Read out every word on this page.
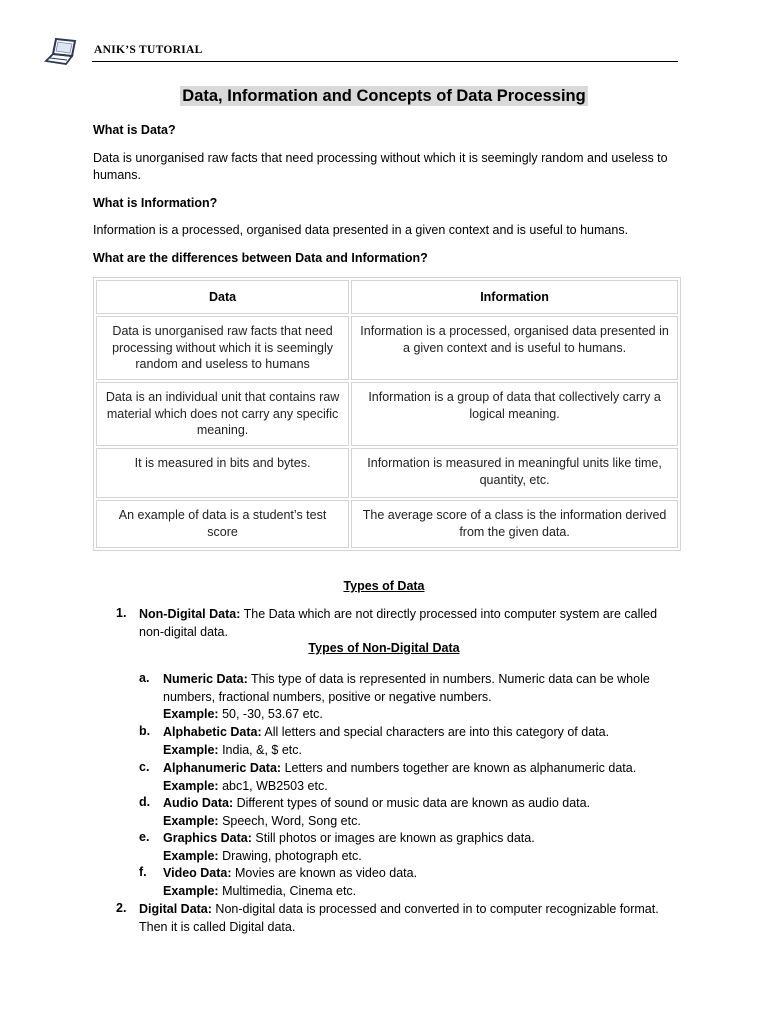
ANIK’S TUTORIAL
Data, Information and Concepts of Data Processing
What is Data?
Data is unorganised raw facts that need processing without which it is seemingly random and useless to humans.
What is Information?
Information is a processed, organised data presented in a given context and is useful to humans.
What are the differences between Data and Information?
Data	Information
Data is unorganised raw facts that need processing without which it is seemingly random and useless to humans
Information is a processed, organised data presented in a given context and is useful to humans.
Data is an individual unit that contains raw material which does not carry any specific meaning.
Information is a group of data that collectively carry a logical meaning.
It is measured in bits and bytes.	Information is measured in meaningful units like time, quantity, etc.
An example of data is a student’s test score
The average score of a class is the information derived from the given data.
Types of Data
1. Non-Digital Data: The Data which are not directly processed into computer system are called non-digital data.
Types of Non-Digital Data
a. Numeric Data: This type of data is represented in numbers. Numeric data can be whole numbers, fractional numbers, positive or negative numbers.
Example: 50, -30, 53.67 etc.
b. Alphabetic Data: All letters and special characters are into this category of data.
Example: India, &, $ etc.
c. Alphanumeric Data: Letters and numbers together are known as alphanumeric data.
Example: abc1, WB2503 etc.
d. Audio Data: Different types of sound or music data are known as audio data.
Example: Speech, Word, Song etc.
e. Graphics Data: Still photos or images are known as graphics data.
Example: Drawing, photograph etc.
f. Video Data: Movies are known as video data.
Example: Multimedia, Cinema etc.
2. Digital Data: Non-digital data is processed and converted in to computer recognizable format. Then it is called Digital data.
